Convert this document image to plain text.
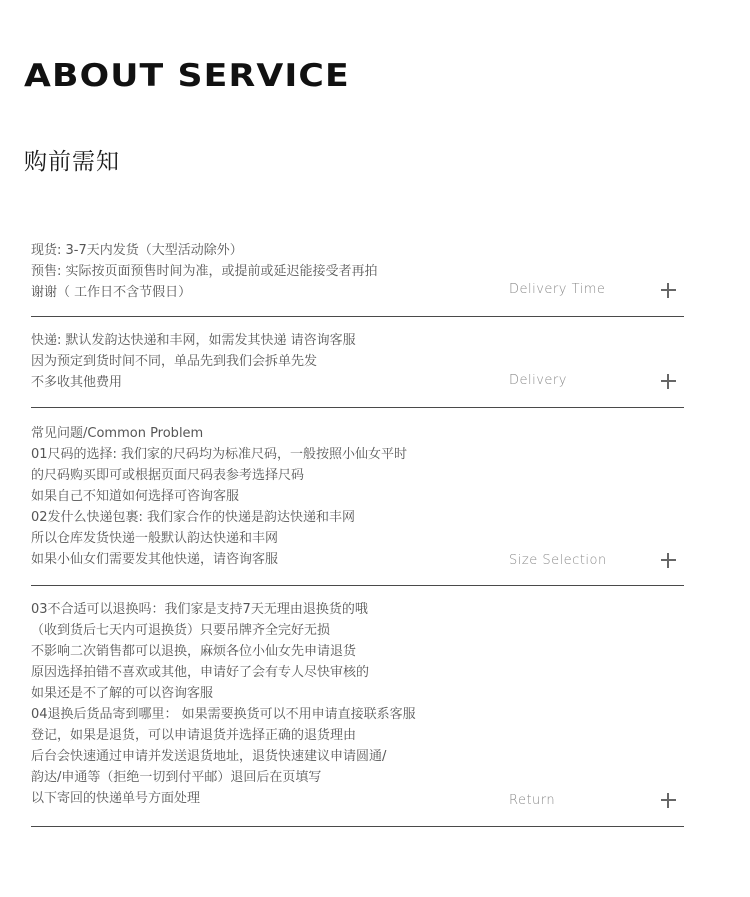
ABOUT SERVICE
购前需知
现货: 3-7天内发货（大型活动除外）
预售: 实际按页面预售时间为准，或提前或延迟能接受者再拍
谢谢（ 工作日不含节假日）	Delivery Time
快递: 默认发韵达快递和丰网，如需发其快递 请咨询客服
因为预定到货时间不同，单品先到我们会拆单先发
不多收其他费用	Delivery
常见问题/Common Problem
01尺码的选择: 我们家的尺码均为标准尺码，一般按照小仙女平时
的尺码购买即可或根据页面尺码表参考选择尺码
如果自己不知道如何选择可咨询客服
02发什么快递包裹: 我们家合作的快递是韵达快递和丰网
所以仓库发货快递一般默认韵达快递和丰网
如果小仙女们需要发其他快递，请咨询客服	Size Selection
03不合适可以退换吗：我们家是支持7天无理由退换货的哦
（收到货后七天内可退换货）只要吊牌齐全完好无损
不影响二次销售都可以退换，麻烦各位小仙女先申请退货
原因选择拍错不喜欢或其他，申请好了会有专人尽快审核的
如果还是不了解的可以咨询客服
04退换后货品寄到哪里： 如果需要换货可以不用申请直接联系客服
登记，如果是退货，可以申请退货并选择正确的退货理由
后台会快速通过申请并发送退货地址，退货快速建议申请圆通/
韵达/申通等（拒绝一切到付平邮）退回后在页填写
以下寄回的快递单号方面处理	Return
